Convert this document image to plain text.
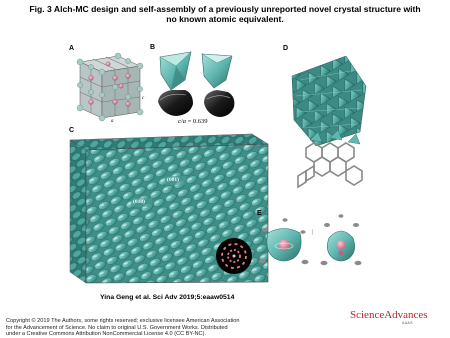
Fig. 3 Alch-MC design and self-assembly of a previously unreported novel crystal structure with
no known atomic equivalent.
A	B
C
D
E
a
c
c/a = 0.639
(010)
(001)
Yina Geng et al. Sci Adv 2019;5:eaaw0514
Copyright © 2019 The Authors, some rights reserved; exclusive licensee American Association
for the Advancement of Science. No claim to original U.S. Government Works. Distributed
under a Creative Commons Attribution NonCommercial License 4.0 (CC BY-NC).
ScienceAdvances
AAAS
